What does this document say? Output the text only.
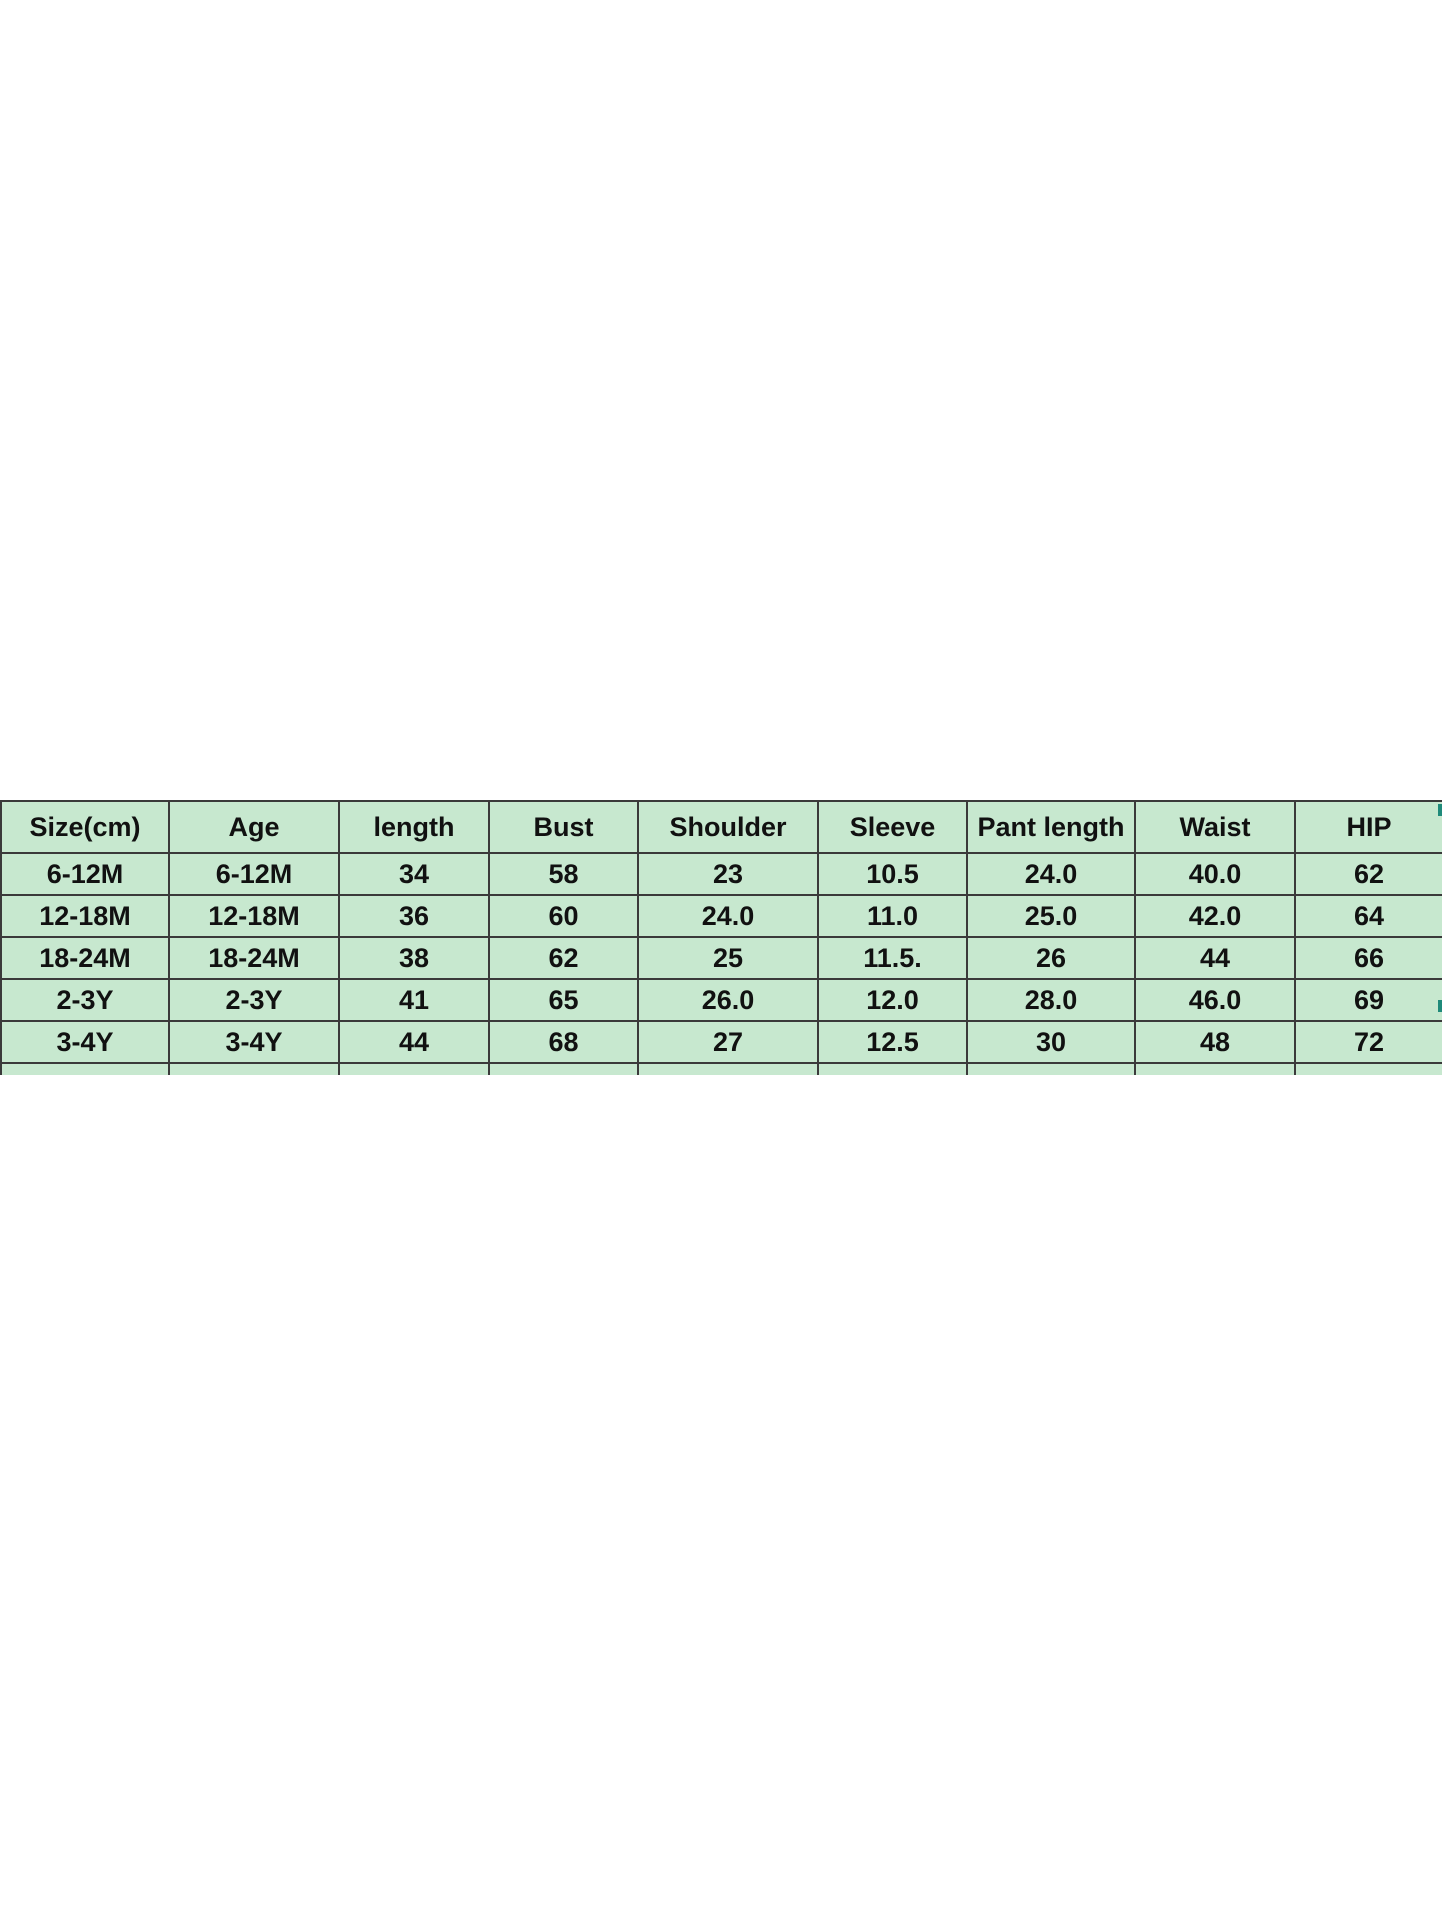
Size(cm)	Age	length	Bust	Shoulder	Sleeve	Pant length	Waist	HIP
6-12M	6-12M	34	58	23	10.5	24.0	40.0	62
12-18M	12-18M	36	60	24.0	11.0	25.0	42.0	64
18-24M	18-24M	38	62	25	11.5.	26	44	66
2-3Y	2-3Y	41	65	26.0	12.0	28.0	46.0	69
3-4Y	3-4Y	44	68	27	12.5	30	48	72
